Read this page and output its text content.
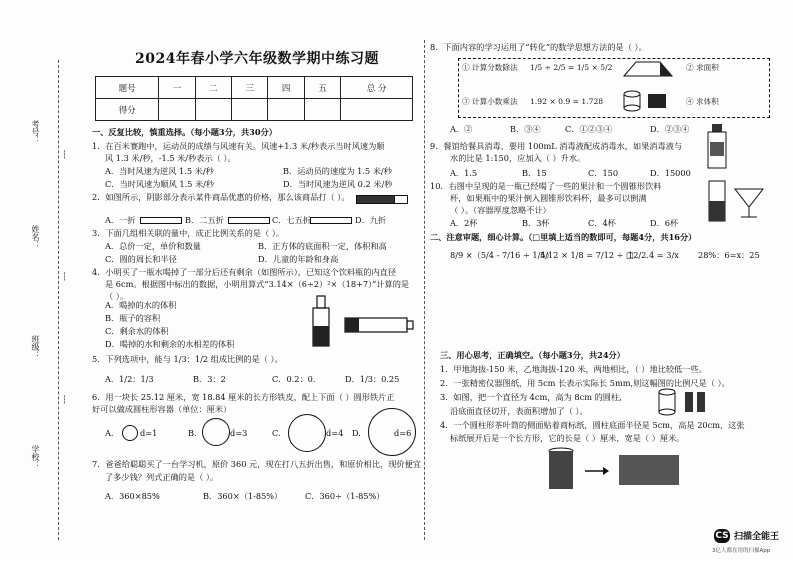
考号：
姓名：
班级：
学校：
┆
┆
┆
2024年春小学六年级数学期中练习题
题号	一	二	三	四	五	总 分
得分						
一、反复比较，慎重选择。（每小题3分，共30分）
1．在百米赛跑中，运动员的成绩与风速有关。风速+1.3 米/秒表示当时风速为顺
风 1.3 米/秒，-1.5 米/秒表示（ ）。
A．当时风速为逆风 1.5 米/秒	B．运动员的速度为 1.5 米/秒
C．当时风速为顺风 1.5 米/秒	D．当时风速为逆风 0.2 米/秒
2．如图所示，阴影部分表示某件商品优惠的价格，那么该商品打（ ）。
A．一折	B．二五折	C．七五折	D．九折
3．下面几组相关联的量中，成正比例关系的是（ ）。
A．总价一定，单价和数量	B．正方体的底面积一定，体积和高
C．圆的周长和半径	D．儿童的年龄和身高
4．小明买了一瓶水喝掉了一部分后还有剩余（如图所示），已知这个饮料瓶的内直径
是 6cm。根据图中标出的数据，小明用算式“3.14×（6÷2）²×（18+7）”计算的是
（ ）。
A．喝掉的水的体积
B．瓶子的容积
C．剩余水的体积
D．喝掉的水和剩余的水相差的体积
5．下列选项中，能与 1/3：1/2 组成比例的是（ ）。
A．1/2：1/3	B．3：2	C．0.2：0.	D．1/3：0.25
6．用一块长 25.12 厘米，宽 18.84 厘米的长方形铁皮，配上下面（ ）圆形铁片正
好可以做成圆柱形容器（单位：厘米）
A.	d=1	B.	d=3	C.	d=4 D.	d=6
7．爸爸给聪聪买了一台学习机，原价 360 元，现在打八五折出售，和原价相比，现价便宜
了多少钱？列式正确的是（ ）。
A．360×85%	B．360×（1-85%）	C．360÷（1-85%）
8．下面内容的学习运用了“转化”的数学思想方法的是（ ）。
① 计算分数除法 1/5 ÷ 2/5 = 1/5 × 5/2	② 求面积
③ 计算小数乘法 1.92 × 0.9 = 1.728	④ 求体积
A．②	B．③④	C．①②③④	D．②③④
9．餐馆给餐具消毒，要用 100mL 消毒液配成消毒水，如果消毒液与
水的比是 1:150，应加入（ ）升水。
A．1.5	B．15	C．150	D．15000
10．右图中呈现的是一瓶已经喝了一些的果汁和一个圆锥形饮料
杯，如果瓶中的果汁倒入圆锥形饮料杯，最多可以倒满
（ ）。（容器厚度忽略不计）
A．2杯	B．3杯	C．4杯	D．6杯
二、注意审题，细心计算。（□里填上适当的数即可，每题4分，共16分）
8/9 ×（5/4 - 7/16 ÷ 1/4）
5/12 × 1/8 = 7/12 ÷ □
12/2.4 = 3/x 28%：6=x：25
三、用心思考，正确填空。（每小题3分，共24分）
1．甲地海拔-150 米，乙地海拔-120 米，两地相比，（ ）地比较低一些。
2．一张精密仪器图纸，用 5cm 长表示实际长 5mm,则这幅图的比例尺是（ ）。
3．如图，把一个直径为 4cm，高为 8cm 的圆柱,
沿底面直径切开，表面积增加了（ ）。
4．一个圆柱形茶叶筒的侧面贴着商标纸，圆柱底面半径是 5cm，高是 20cm，这张
标纸展开后是一个长方形，它的长是（ ）厘米，宽是（ ）厘米。
CS 扫描全能王
3亿人都在用的扫描App
